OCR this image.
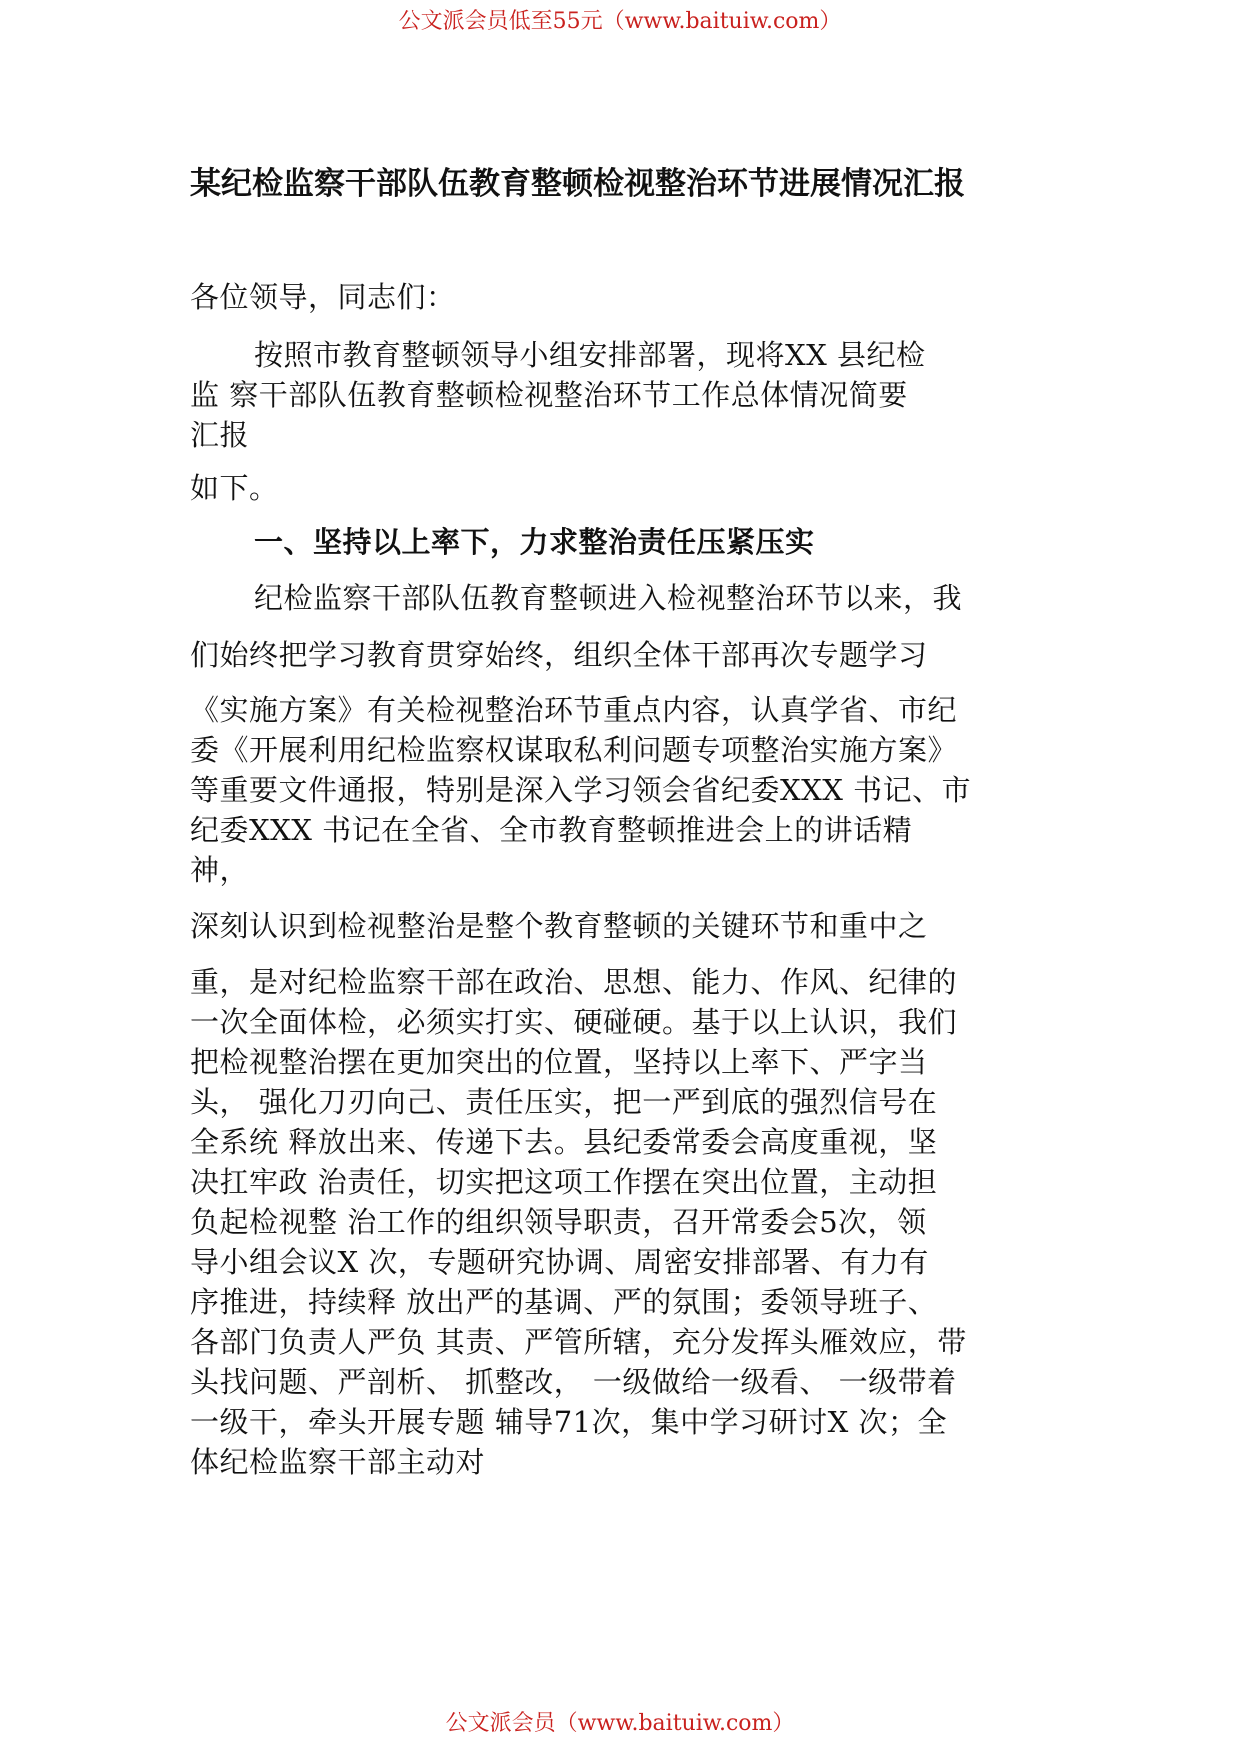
公文派会员低至55元（www.baituiw.com）
某纪检监察干部队伍教育整顿检视整治环节进展情况汇报
各位领导，同志们：
按照市教育整顿领导小组安排部署，现将XX 县纪检
监 察干部队伍教育整顿检视整治环节工作总体情况简要
汇报
如下。
一、坚持以上率下，力求整治责任压紧压实
纪检监察干部队伍教育整顿进入检视整治环节以来，我
们始终把学习教育贯穿始终，组织全体干部再次专题学习
《实施方案》有关检视整治环节重点内容，认真学省、市纪
委《开展利用纪检监察权谋取私利问题专项整治实施方案》
等重要文件通报，特别是深入学习领会省纪委XXX 书记、市
纪委XXX 书记在全省、全市教育整顿推进会上的讲话精
神，
深刻认识到检视整治是整个教育整顿的关键环节和重中之
重，是对纪检监察干部在政治、思想、能力、作风、纪律的
一次全面体检，必须实打实、硬碰硬。基于以上认识，我们
把检视整治摆在更加突出的位置，坚持以上率下、严字当
头， 强化刀刃向己、责任压实，把一严到底的强烈信号在
全系统 释放出来、传递下去。县纪委常委会高度重视，坚
决扛牢政 治责任，切实把这项工作摆在突出位置，主动担
负起检视整 治工作的组织领导职责，召开常委会5次，领
导小组会议X 次，专题研究协调、周密安排部署、有力有
序推进，持续释 放出严的基调、严的氛围；委领导班子、
各部门负责人严负 其责、严管所辖，充分发挥头雁效应，带
头找问题、严剖析、 抓整改， 一级做给一级看、 一级带着
一级干，牵头开展专题 辅导71次，集中学习研讨X 次；全
体纪检监察干部主动对
公文派会员（www.baituiw.com）
